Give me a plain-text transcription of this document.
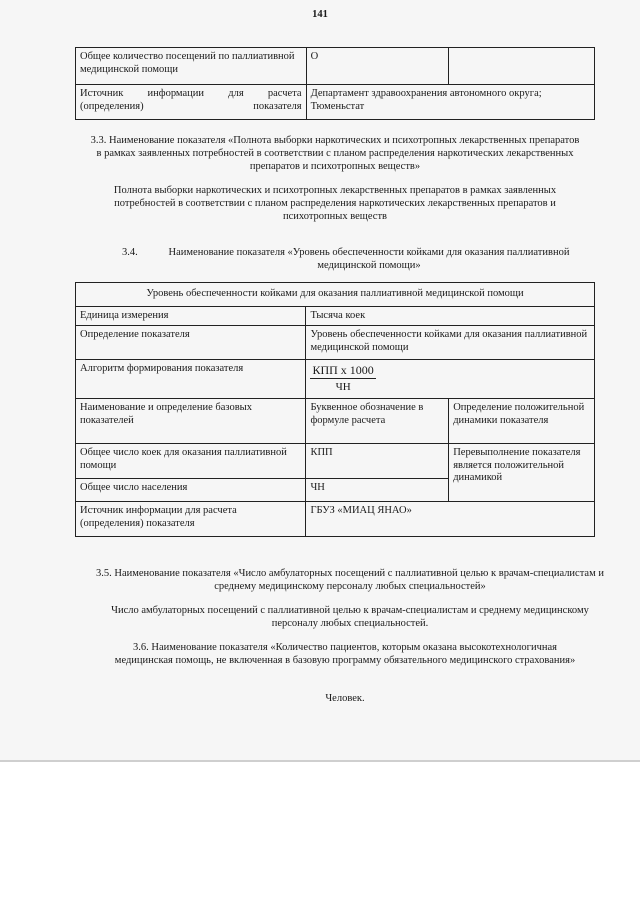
141
Общее количество посещений по паллиативной медицинской помощи	О	
Источник информации для расчета (определения) показателя	Департамент здравоохранения автономного округа; Тюменьстат	
3.3. Наименование показателя «Полнота выборки наркотических и психотропных лекарственных препаратов в рамках заявленных потребностей в соответствии с планом распределения наркотических лекарственных препаратов и психотропных веществ»
Полнота выборки наркотических и психотропных лекарственных препаратов в рамках заявленных потребностей в соответствии с планом распределения наркотических лекарственных препаратов и психотропных веществ
3.4.	Наименование показателя «Уровень обеспеченности койками для оказания паллиативной медицинской помощи»
Уровень обеспеченности койками для оказания паллиативной медицинской помощи		
Единица измерения	Тысяча коек	
Определение показателя	Уровень обеспеченности койками для оказания паллиативной медицинской помощи	
Алгоритм формирования показателя	$\frac{\text{КПП х 1000}}{ЧН}$

Наименование и определение базовых показателей	Буквенное обозначение в формуле расчета	Определение положительной динамики показателя
Общее число коек для оказания паллиативной помощи	КПП	Перевыполнение показателя является положительной динамикой
Общее число населения	ЧН	
Источник информации для расчета (определения) показателя	ГБУЗ «МИАЦ ЯНАО»	
3.5. Наименование показателя «Число амбулаторных посещений с паллиативной целью к врачам-специалистам и среднему медицинскому персоналу любых специальностей»
Число амбулаторных посещений с паллиативной целью к врачам-специалистам и среднему медицинскому персоналу любых специальностей.
3.6. Наименование показателя «Количество пациентов, которым оказана высокотехнологичная медицинская помощь, не включенная в базовую программу обязательного медицинского страхования»
Человек.
